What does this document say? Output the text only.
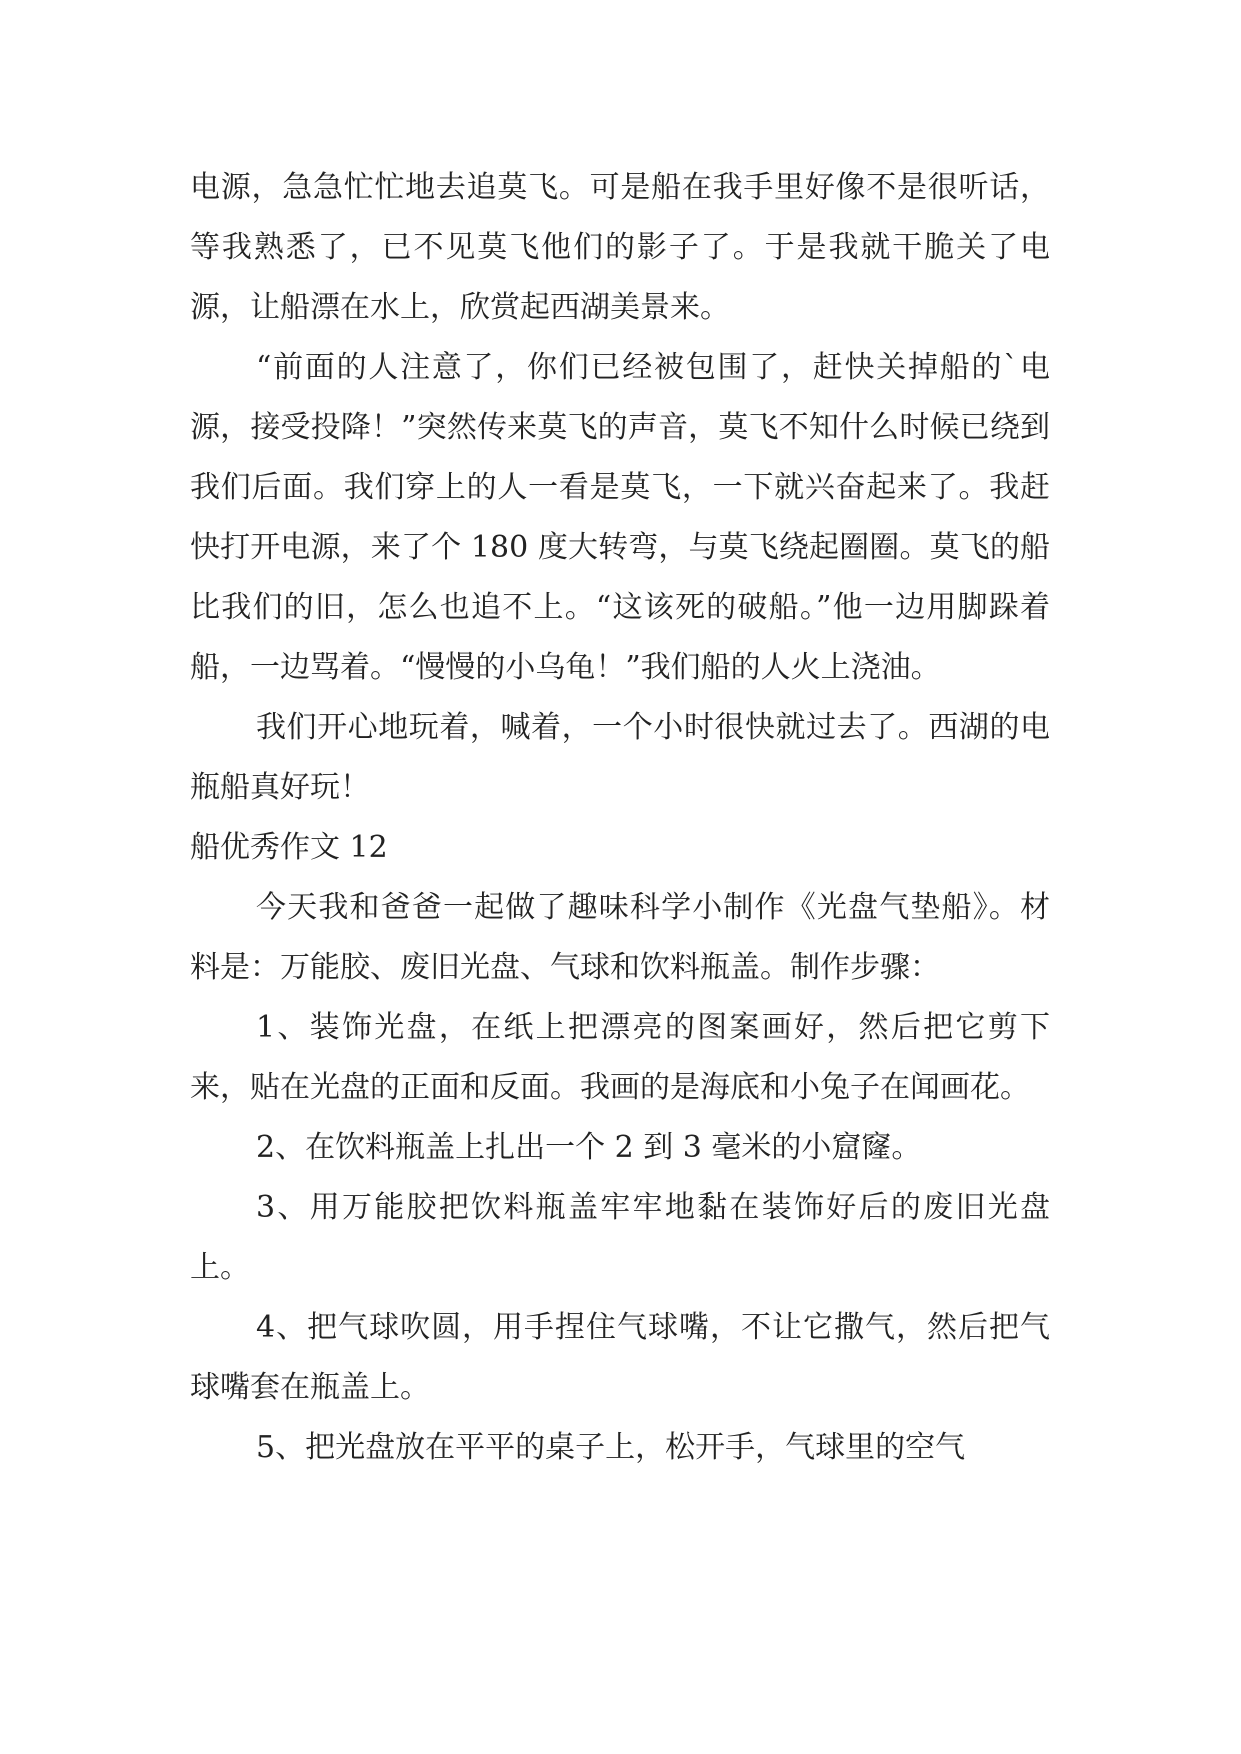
电源，急急忙忙地去追莫飞。可是船在我手里好像不是很听话，等我熟悉了，已不见莫飞他们的影子了。于是我就干脆关了电源，让船漂在水上，欣赏起西湖美景来。

“前面的人注意了，你们已经被包围了，赶快关掉船的`电源，接受投降！”突然传来莫飞的声音，莫飞不知什么时候已绕到我们后面。我们穿上的人一看是莫飞，一下就兴奋起来了。我赶快打开电源，来了个 180 度大转弯，与莫飞绕起圈圈。莫飞的船比我们的旧，怎么也追不上。“这该死的破船。”他一边用脚跺着船，一边骂着。“慢慢的小乌龟！”我们船的人火上浇油。

我们开心地玩着，喊着，一个小时很快就过去了。西湖的电瓶船真好玩！

船优秀作文 12

今天我和爸爸一起做了趣味科学小制作《光盘气垫船》。材料是：万能胶、废旧光盘、气球和饮料瓶盖。制作步骤：

1、装饰光盘，在纸上把漂亮的图案画好，然后把它剪下来，贴在光盘的正面和反面。我画的是海底和小兔子在闻画花。

2、在饮料瓶盖上扎出一个 2 到 3 毫米的小窟窿。

3、用万能胶把饮料瓶盖牢牢地黏在装饰好后的废旧光盘上。

4、把气球吹圆，用手捏住气球嘴，不让它撒气，然后把气球嘴套在瓶盖上。

5、把光盘放在平平的桌子上，松开手，气球里的空气
